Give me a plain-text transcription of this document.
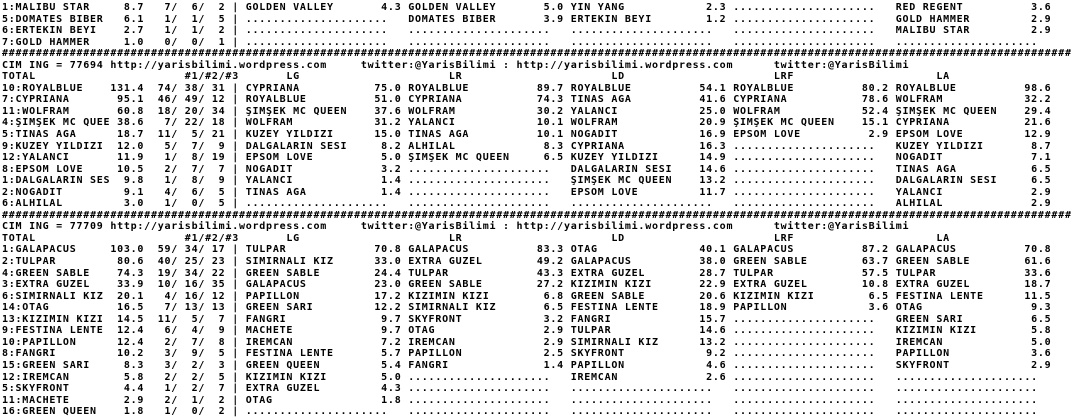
1:MALIBU STAR     8.7   7/  6/  2 | GOLDEN VALLEY       4.3 GOLDEN VALLEY       5.0 YİN YANG            2.3 .....................   RED REGENT          3.6
5:DOMATES BIBER   6.1   1/  1/  5 | .....................   DOMATES BIBER       3.9 ERTEKİN BEYİ        1.2 .....................   GOLD HAMMER         2.9
6:ERTEKİN BEYİ    2.7   1/  1/  2 | .....................   .....................   .....................   .....................   MALIBU STAR         2.9
7:GOLD HAMMER     1.0   0/  0/  1 | .....................   .....................   .....................   .....................   .....................
##############################################################################################################################################################
CIM ING = 77694 http://yarisbilimi.wordpress.com     twitter:@YarisBilimi : http://yarisbilimi.wordpress.com      twitter:@YarisBilimi
TOTAL                      #1/#2/#3       LG                      LR                      LD                      LRF                     LA
10:ROYALBLUE    131.4  74/ 38/ 31 | CYPRIANA           75.0 ROYALBLUE          89.7 ROYALBLUE          54.1 ROYALBLUE          80.2 ROYALBLUE          98.6
7:CYPRIANA       95.1  46/ 49/ 12 | ROYALBLUE          51.0 CYPRIANA           74.3 TINAS AĞA          41.6 CYPRIANA           78.6 WOLFRAM            32.2
11:WOLFRAM       60.8  18/ 20/ 34 | ŞİMŞEK MC QUEEN    37.6 WOLFRAM            30.2 YALANCI            25.0 WOLFRAM            52.4 ŞİMŞEK MC QUEEN    29.4
4:ŞİMŞEK MC QUEE 38.6   7/ 22/ 18 | WOLFRAM            31.2 YALANCI            10.1 WOLFRAM            20.9 ŞİMŞEK MC QUEEN    15.1 CYPRIANA           21.6
5:TINAS AĞA      18.7  11/  5/ 21 | KUZEY YILDIZI      15.0 TINAS AĞA          10.1 NOĞADİT            16.9 EPSOM LOVE          2.9 EPSOM LOVE         12.9
9:KUZEY YILDIZI  12.0   5/  7/  9 | DALGALARIN SESİ     8.2 ALHİLAL             8.3 CYPRIANA           16.3 .....................   KUZEY YILDIZI       8.7
12:YALANCI       11.9   1/  8/ 19 | EPSOM LOVE          5.0 ŞİMŞEK MC QUEEN     6.5 KUZEY YILDIZI      14.9 .....................   NOĞADİT             7.1
8:EPSOM LOVE     10.5   2/  7/  7 | NOĞADİT             3.2 .....................   DALGALARIN SESİ    14.6 .....................   TINAS AĞA           6.5
1:DALGALARIN SES  9.8   1/  8/  9 | YALANCI             1.4 .....................   ŞİMŞEK MC QUEEN    13.2 .....................   DALGALARIN SESİ     6.5
2:NOĞADİT         9.1   4/  6/  5 | TINAS AĞA           1.4 .....................   EPSOM LOVE         11.7 .....................   YALANCI             2.9
6:ALHİLAL         3.0   1/  0/  5 | .....................   .....................   .....................   .....................   ALHİLAL             2.9
##############################################################################################################################################################
CIM ING = 77709 http://yarisbilimi.wordpress.com     twitter:@YarisBilimi : http://yarisbilimi.wordpress.com      twitter:@YarisBilimi
TOTAL                      #1/#2/#3       LG                      LR                      LD                      LRF                     LA
1:GALAPACUS     103.0  59/ 34/ 17 | TULPAR             70.8 GALAPACUS          83.3 OTAG               40.1 GALAPACUS          87.2 GALAPACUS          70.8
2:TULPAR         80.6  40/ 25/ 23 | SİMİRNALI KIZ      33.0 EXTRA GÜZEL        49.2 GALAPACUS          38.0 GREEN SABLE        63.7 GREEN SABLE        61.6
4:GREEN SABLE    74.3  19/ 34/ 22 | GREEN SABLE        24.4 TULPAR             43.3 EXTRA GÜZEL        28.7 TULPAR             57.5 TULPAR             33.6
3:EXTRA GÜZEL    33.9  10/ 16/ 35 | GALAPACUS          23.0 GREEN SABLE        27.2 KIZIMIN KIZI       22.9 EXTRA GÜZEL        10.8 EXTRA GÜZEL        18.7
6:SİMİRNALI KIZ  20.1   4/ 16/ 12 | PAPILLON           17.2 KIZIMIN KIZI        6.8 GREEN SABLE        20.6 KIZIMIN KIZI        6.5 FESTINA LENTE      11.5
14:OTAG          16.5   7/ 13/ 13 | GREEN SARI         12.2 SİMİRNALI KIZ       6.5 FESTINA LENTE      18.9 PAPILLON            3.6 OTAG                9.3
13:KIZIMIN KIZI  14.5  11/  5/  7 | FANGRI              9.7 SKYFRONT            3.2 FANGRI             15.7 .....................   GREEN SARI          6.5
9:FESTINA LENTE  12.4   6/  4/  9 | MACHETE             9.7 OTAG                2.9 TULPAR             14.6 .....................   KIZIMIN KIZI        5.8
10:PAPILLON      12.4   2/  7/  8 | İREMCAN             7.2 İREMCAN             2.9 SİMİRNALI KIZ      13.2 .....................   İREMCAN             5.0
8:FANGRI         10.2   3/  9/  5 | FESTINA LENTE       5.7 PAPILLON            2.5 SKYFRONT            9.2 .....................   PAPILLON            3.6
15:GREEN SARI     8.3   3/  2/  3 | GREEN QUEEN         5.4 FANGRI              1.4 PAPILLON            4.6 .....................   SKYFRONT            2.9
12:İREMCAN        5.8   2/  2/  5 | KIZIMIN KIZI        5.0 .....................   İREMCAN             2.6 .....................   .....................
5:SKYFRONT        4.4   1/  2/  7 | EXTRA GÜZEL         4.3 .....................   .....................   .....................   .....................
11:MACHETE        2.9   2/  1/  2 | OTAG                1.8 .....................   .....................   .....................   .....................
16:GREEN QUEEN    1.8   1/  0/  2 | .....................   .....................   .....................   .....................   .....................
